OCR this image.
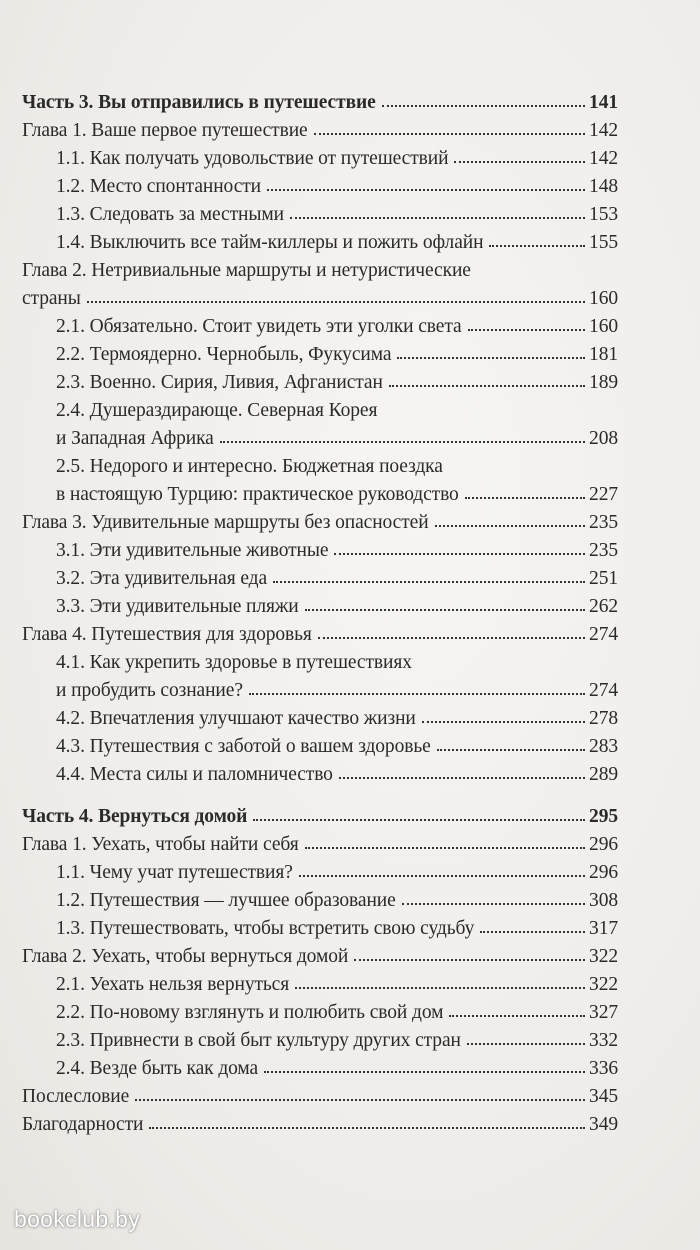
Часть 3. Вы отправились в путешествие	141
Глава 1. Ваше первое путешествие	142
1.1. Как получать удовольствие от путешествий	142
1.2. Место спонтанности	148
1.3. Следовать за местными	153
1.4. Выключить все тайм-киллеры и пожить офлайн	155
Глава 2. Нетривиальные маршруты и нетуристические
страны	160
2.1. Обязательно. Стоит увидеть эти уголки света	160
2.2. Термоядерно. Чернобыль, Фукусима	181
2.3. Военно. Сирия, Ливия, Афганистан	189
2.4. Душераздирающе. Северная Корея
и Западная Африка	208
2.5. Недорого и интересно. Бюджетная поездка
в настоящую Турцию: практическое руководство	227
Глава 3. Удивительные маршруты без опасностей	235
3.1. Эти удивительные животные	235
3.2. Эта удивительная еда	251
3.3. Эти удивительные пляжи	262
Глава 4. Путешествия для здоровья	274
4.1. Как укрепить здоровье в путешествиях
и пробудить сознание?	274
4.2. Впечатления улучшают качество жизни	278
4.3. Путешествия с заботой о вашем здоровье	283
4.4. Места силы и паломничество	289
Часть 4. Вернуться домой	295
Глава 1. Уехать, чтобы найти себя	296
1.1. Чему учат путешествия?	296
1.2. Путешествия — лучшее образование	308
1.3. Путешествовать, чтобы встретить свою судьбу	317
Глава 2. Уехать, чтобы вернуться домой	322
2.1. Уехать нельзя вернуться	322
2.2. По-новому взглянуть и полюбить свой дом	327
2.3. Привнести в свой быт культуру других стран	332
2.4. Везде быть как дома	336
Послесловие	345
Благодарности	349
bookclub.by
